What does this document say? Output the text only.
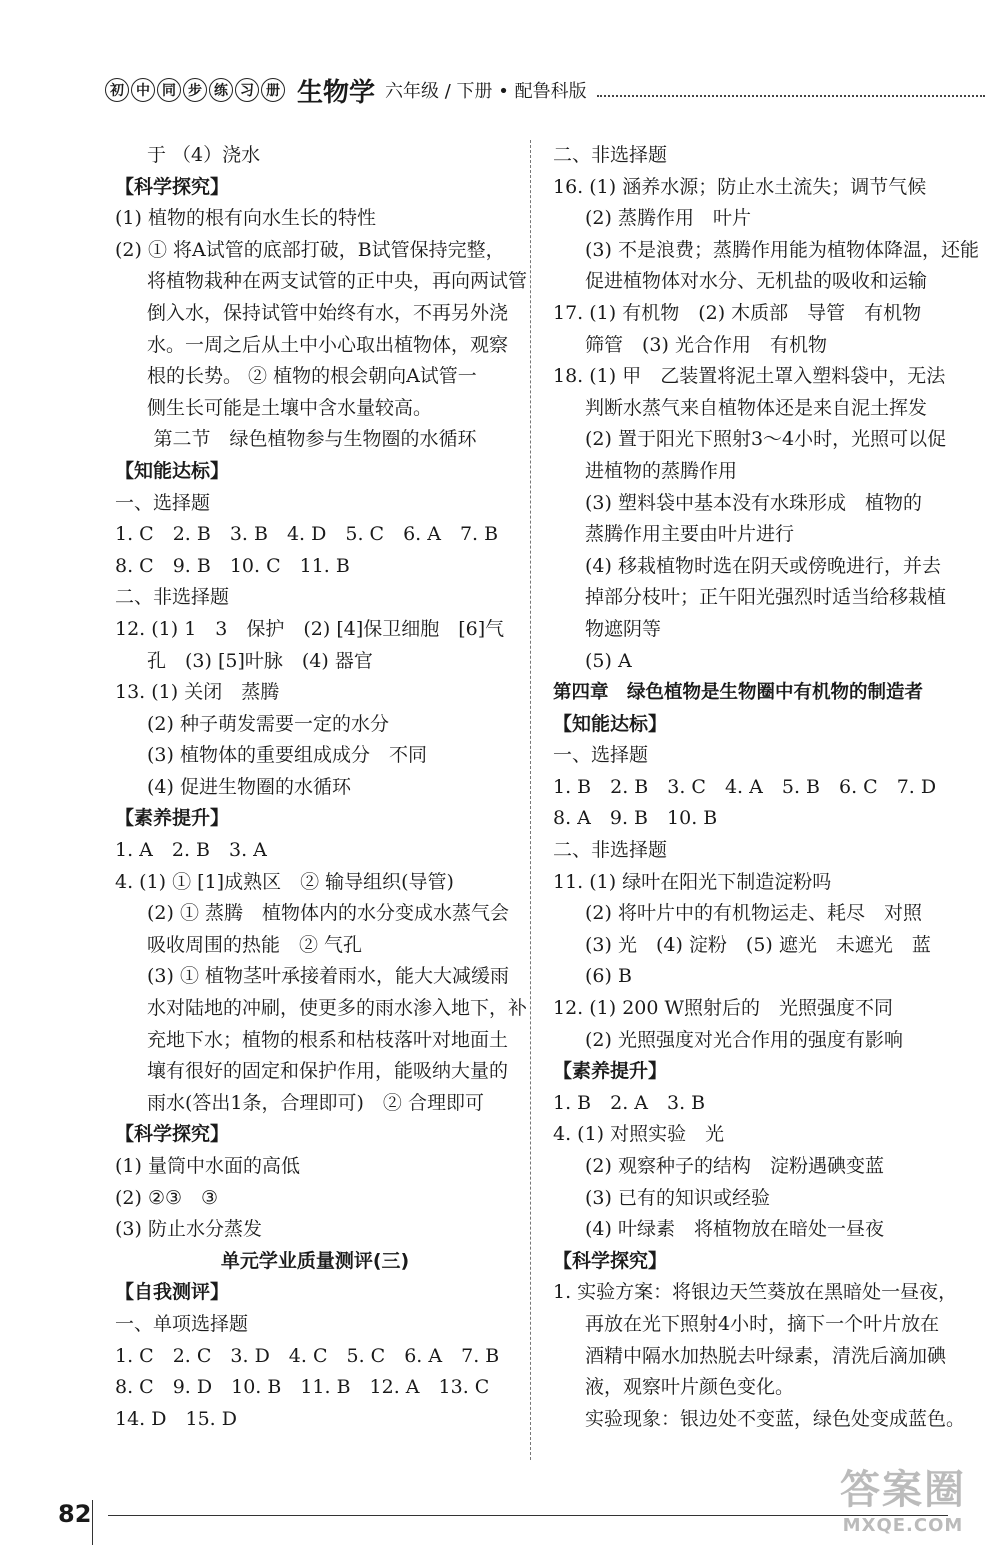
初 中 同 步 练 习 册 生物学 六年级 / 下册 • 配鲁科版
于 （4）浇水
【科学探究】
(1) 植物的根有向水生长的特性
(2) ① 将A试管的底部打破，B试管保持完整，
将植物栽种在两支试管的正中央，再向两试管
倒入水，保持试管中始终有水，不再另外浇
水。一周之后从土中小心取出植物体，观察
根的长势。 ② 植物的根会朝向A试管一
侧生长可能是土壤中含水量较高。
第二节　绿色植物参与生物圈的水循环
【知能达标】
一、选择题
1. C　2. B　3. B　4. D　5. C　6. A　7. B
8. C　9. B　10. C　11. B
二、非选择题
12. (1) 1　3　保护　(2) [4]保卫细胞　[6]气
孔　(3) [5]叶脉　(4) 器官
13. (1) 关闭　蒸腾
(2) 种子萌发需要一定的水分
(3) 植物体的重要组成成分　不同
(4) 促进生物圈的水循环
【素养提升】
1. A　2. B　3. A
4. (1) ① [1]成熟区　② 输导组织(导管)
(2) ① 蒸腾　植物体内的水分变成水蒸气会
吸收周围的热能　② 气孔
(3) ① 植物茎叶承接着雨水，能大大减缓雨
水对陆地的冲刷，使更多的雨水渗入地下，补
充地下水；植物的根系和枯枝落叶对地面土
壤有很好的固定和保护作用，能吸纳大量的
雨水(答出1条，合理即可)　② 合理即可
【科学探究】
(1) 量筒中水面的高低
(2) ②③　③
(3) 防止水分蒸发
单元学业质量测评(三)
【自我测评】
一、单项选择题
1. C　2. C　3. D　4. C　5. C　6. A　7. B
8. C　9. D　10. B　11. B　12. A　13. C
14. D　15. D
二、非选择题
16. (1) 涵养水源；防止水土流失；调节气候
(2) 蒸腾作用　叶片
(3) 不是浪费；蒸腾作用能为植物体降温，还能
促进植物体对水分、无机盐的吸收和运输
17. (1) 有机物　(2) 木质部　导管　有机物
筛管　(3) 光合作用　有机物
18. (1) 甲　乙装置将泥土罩入塑料袋中，无法
判断水蒸气来自植物体还是来自泥土挥发
(2) 置于阳光下照射3～4小时，光照可以促
进植物的蒸腾作用
(3) 塑料袋中基本没有水珠形成　植物的
蒸腾作用主要由叶片进行
(4) 移栽植物时选在阴天或傍晚进行，并去
掉部分枝叶；正午阳光强烈时适当给移栽植
物遮阴等
(5) A
第四章　绿色植物是生物圈中有机物的制造者
【知能达标】
一、选择题
1. B　2. B　3. C　4. A　5. B　6. C　7. D
8. A　9. B　10. B
二、非选择题
11. (1) 绿叶在阳光下制造淀粉吗
(2) 将叶片中的有机物运走、耗尽　对照
(3) 光　(4) 淀粉　(5) 遮光　未遮光　蓝
(6) B
12. (1) 200 W照射后的　光照强度不同
(2) 光照强度对光合作用的强度有影响
【素养提升】
1. B　2. A　3. B
4. (1) 对照实验　光
(2) 观察种子的结构　淀粉遇碘变蓝
(3) 已有的知识或经验
(4) 叶绿素　将植物放在暗处一昼夜
【科学探究】
1. 实验方案：将银边天竺葵放在黑暗处一昼夜，
再放在光下照射4小时，摘下一个叶片放在
酒精中隔水加热脱去叶绿素，清洗后滴加碘
液，观察叶片颜色变化。
实验现象：银边处不变蓝，绿色处变成蓝色。
82
答案圈
MXQE.COM
